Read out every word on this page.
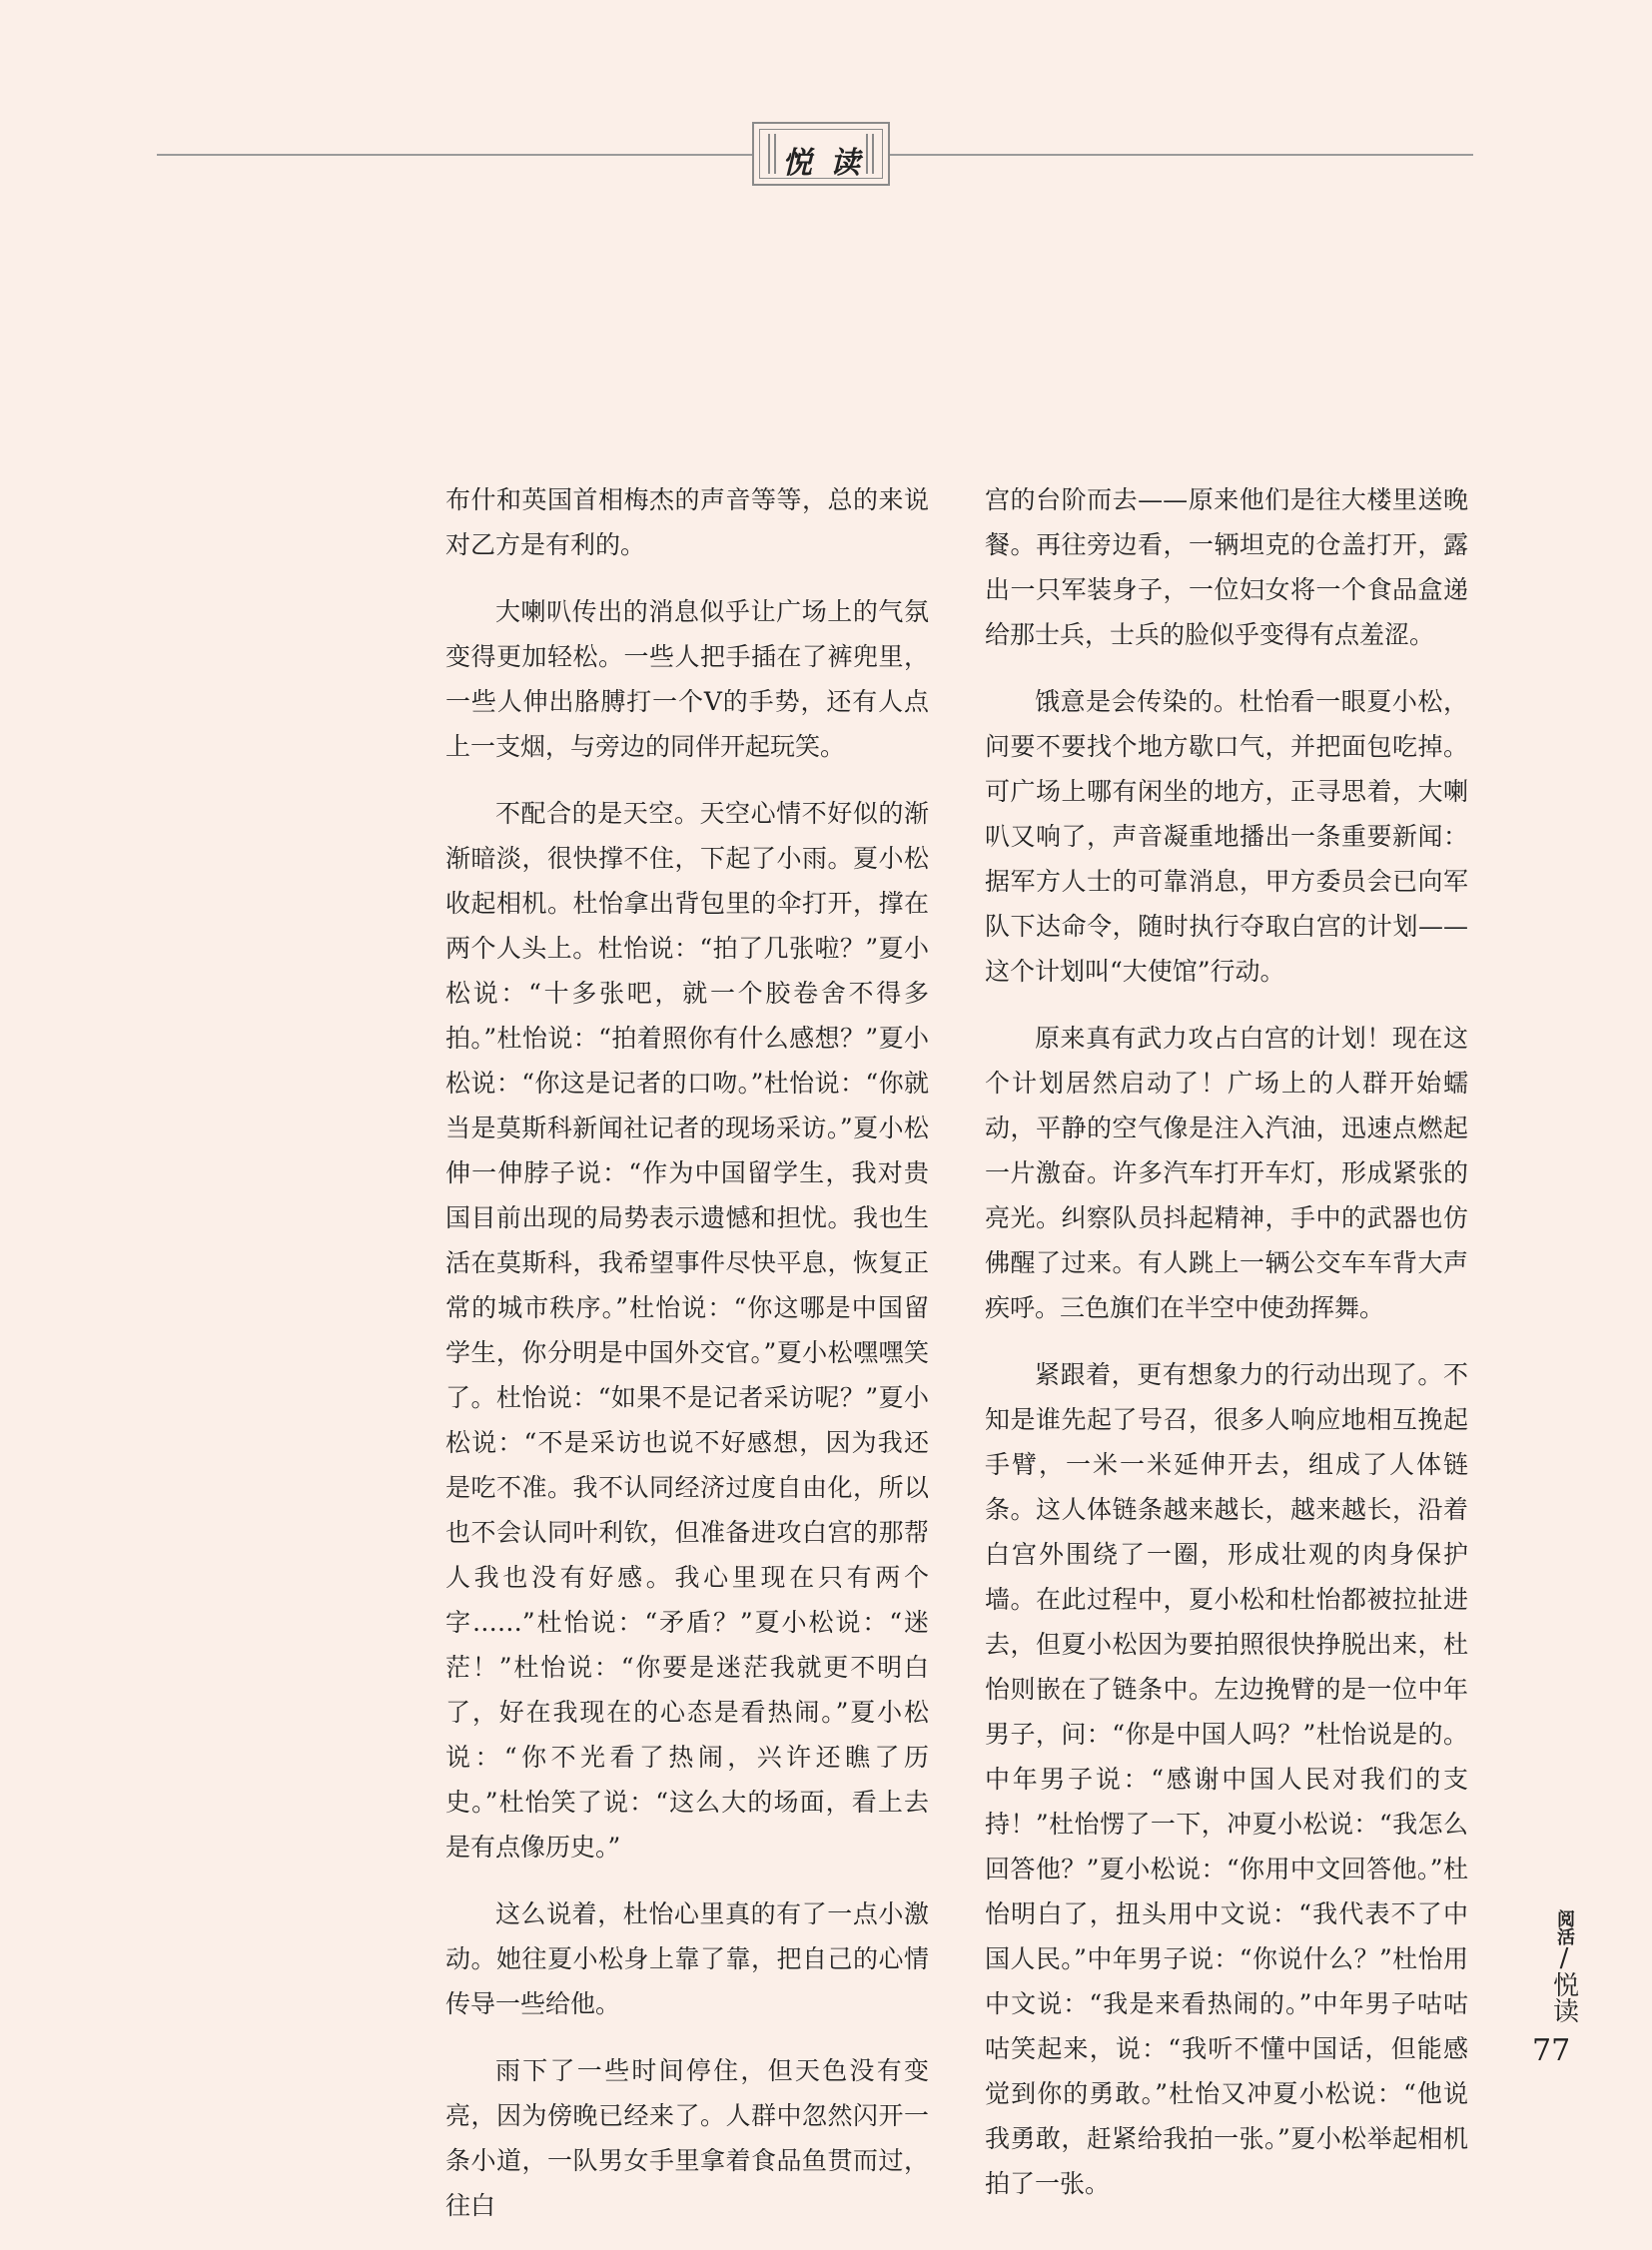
悦读

布什和英国首相梅杰的声音等等，总的来说对乙方是有利的。

大喇叭传出的消息似乎让广场上的气氛变得更加轻松。一些人把手插在了裤兜里，一些人伸出胳膊打一个V的手势，还有人点上一支烟，与旁边的同伴开起玩笑。

不配合的是天空。天空心情不好似的渐渐暗淡，很快撑不住，下起了小雨。夏小松收起相机。杜怡拿出背包里的伞打开，撑在两个人头上。杜怡说：“拍了几张啦？”夏小松说：“十多张吧，就一个胶卷舍不得多拍。”杜怡说：“拍着照你有什么感想？”夏小松说：“你这是记者的口吻。”杜怡说：“你就当是莫斯科新闻社记者的现场采访。”夏小松伸一伸脖子说：“作为中国留学生，我对贵国目前出现的局势表示遗憾和担忧。我也生活在莫斯科，我希望事件尽快平息，恢复正常的城市秩序。”杜怡说：“你这哪是中国留学生，你分明是中国外交官。”夏小松嘿嘿笑了。杜怡说：“如果不是记者采访呢？”夏小松说：“不是采访也说不好感想，因为我还是吃不准。我不认同经济过度自由化，所以也不会认同叶利钦，但准备进攻白宫的那帮人我也没有好感。我心里现在只有两个字……”杜怡说：“矛盾？”夏小松说：“迷茫！”杜怡说：“你要是迷茫我就更不明白了，好在我现在的心态是看热闹。”夏小松说：“你不光看了热闹，兴许还瞧了历史。”杜怡笑了说：“这么大的场面，看上去是有点像历史。”

这么说着，杜怡心里真的有了一点小激动。她往夏小松身上靠了靠，把自己的心情传导一些给他。

雨下了一些时间停住，但天色没有变亮，因为傍晚已经来了。人群中忽然闪开一条小道，一队男女手里拿着食品鱼贯而过，往白

宫的台阶而去——原来他们是往大楼里送晚餐。再往旁边看，一辆坦克的仓盖打开，露出一只军装身子，一位妇女将一个食品盒递给那士兵，士兵的脸似乎变得有点羞涩。

饿意是会传染的。杜怡看一眼夏小松，问要不要找个地方歇口气，并把面包吃掉。可广场上哪有闲坐的地方，正寻思着，大喇叭又响了，声音凝重地播出一条重要新闻：据军方人士的可靠消息，甲方委员会已向军队下达命令，随时执行夺取白宫的计划——这个计划叫“大使馆”行动。

原来真有武力攻占白宫的计划！现在这个计划居然启动了！广场上的人群开始蠕动，平静的空气像是注入汽油，迅速点燃起一片激奋。许多汽车打开车灯，形成紧张的亮光。纠察队员抖起精神，手中的武器也仿佛醒了过来。有人跳上一辆公交车车背大声疾呼。三色旗们在半空中使劲挥舞。

紧跟着，更有想象力的行动出现了。不知是谁先起了号召，很多人响应地相互挽起手臂，一米一米延伸开去，组成了人体链条。这人体链条越来越长，越来越长，沿着白宫外围绕了一圈，形成壮观的肉身保护墙。在此过程中，夏小松和杜怡都被拉扯进去，但夏小松因为要拍照很快挣脱出来，杜怡则嵌在了链条中。左边挽臂的是一位中年男子，问：“你是中国人吗？”杜怡说是的。中年男子说：“感谢中国人民对我们的支持！”杜怡愣了一下，冲夏小松说：“我怎么回答他？”夏小松说：“你用中文回答他。”杜怡明白了，扭头用中文说：“我代表不了中国人民。”中年男子说：“你说什么？”杜怡用中文说：“我是来看热闹的。”中年男子咕咕咕笑起来，说：“我听不懂中国话，但能感觉到你的勇敢。”杜怡又冲夏小松说：“他说我勇敢，赶紧给我拍一张。”夏小松举起相机拍了一张。

阅活
/
悦读
77
